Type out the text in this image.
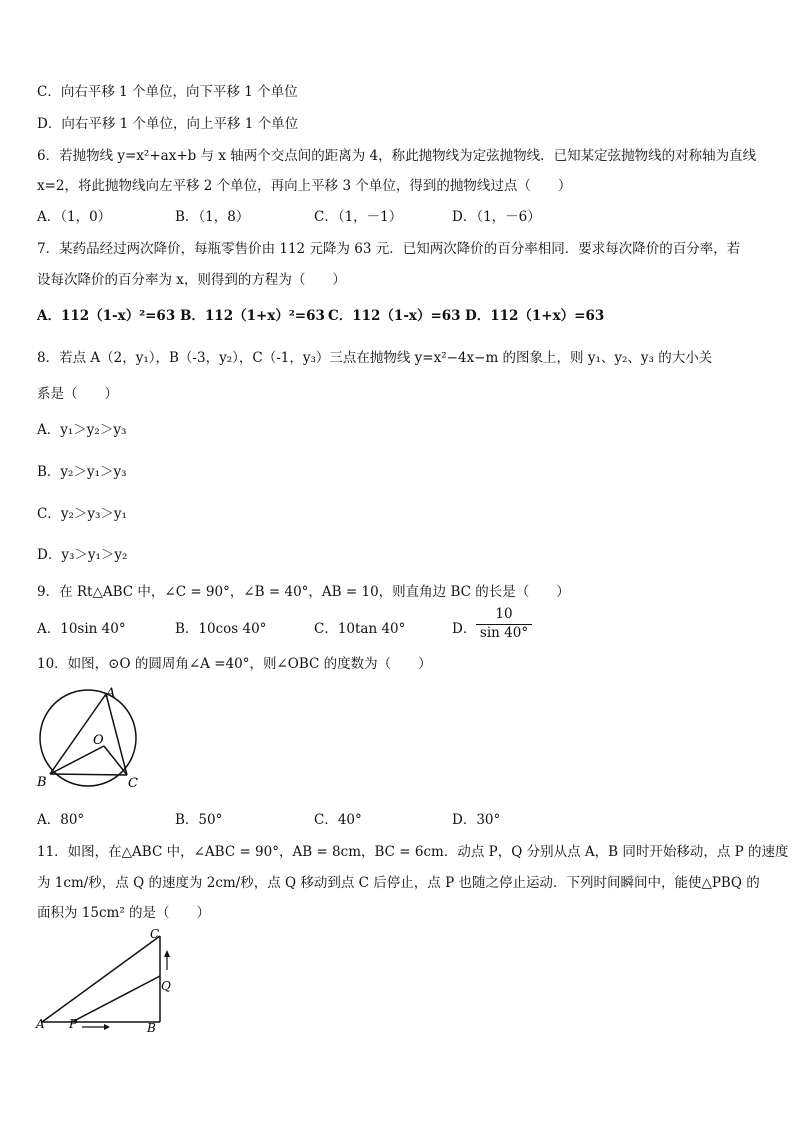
C．向右平移 1 个单位，向下平移 1 个单位
D．向右平移 1 个单位，向上平移 1 个单位
6．若抛物线 y=x²+ax+b 与 x 轴两个交点间的距离为 4，称此抛物线为定弦抛物线．已知某定弦抛物线的对称轴为直线
x=2，将此抛物线向左平移 2 个单位，再向上平移 3 个单位，得到的抛物线过点（　　）
A．（1，0）	B．（1，8）	C．（1，－1）	D．（1，－6）
7．某药品经过两次降价，每瓶零售价由 112 元降为 63 元．已知两次降价的百分率相同．要求每次降价的百分率，若
设每次降价的百分率为 x，则得到的方程为（　　）
A．112（1-x）²=63 B．112（1+x）²=63 C．112（1-x）=63 D．112（1+x）=63
8．若点 A（2，y₁），B（-3，y₂），C（-1，y₃）三点在抛物线 y=x²−4x−m 的图象上，则 y₁、y₂、y₃ 的大小关
系是（　　）
A．y₁＞y₂＞y₃
B．y₂＞y₁＞y₃
C．y₂＞y₃＞y₁
D．y₃＞y₁＞y₂
9．在 Rt△ABC 中，∠C = 90°，∠B = 40°，AB = 10，则直角边 BC 的长是（　　）
A．10sin 40°	B．10cos 40°	C．10tan 40°	D． $\frac{10}{\sin 40^\circ}$
10．如图，⊙O 的圆周角∠A =40°，则∠OBC 的度数为（　　）
A
O
B	C
A．80°	B．50°	C．40°	D．30°
11．如图，在△ABC 中，∠ABC = 90°，AB = 8cm，BC = 6cm．动点 P，Q 分别从点 A，B 同时开始移动，点 P 的速度
为 1cm/秒，点 Q 的速度为 2cm/秒，点 Q 移动到点 C 后停止，点 P 也随之停止运动．下列时间瞬间中，能使△PBQ 的
面积为 15cm² 的是（　　）
C
Q
A P	B
